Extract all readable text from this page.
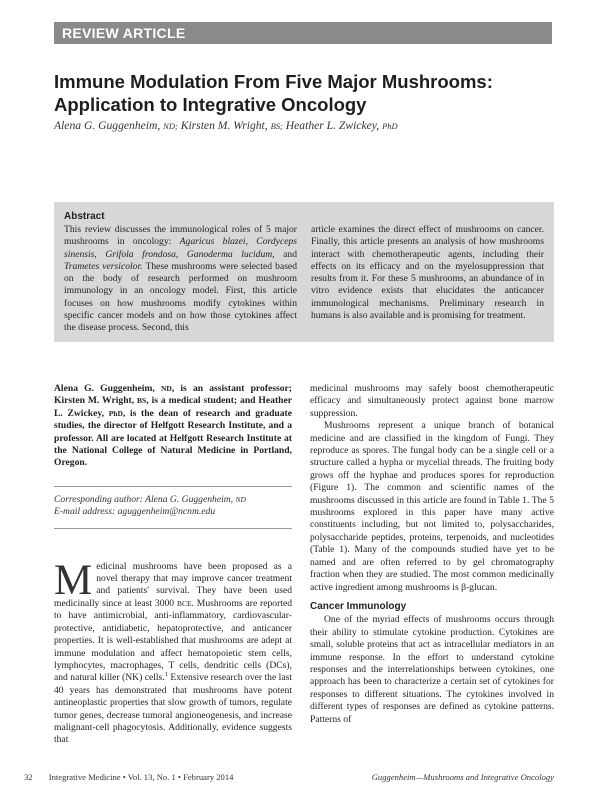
REVIEW ARTICLE
Immune Modulation From Five Major Mushrooms:
Application to Integrative Oncology
Alena G. Guggenheim, ND; Kirsten M. Wright, BS; Heather L. Zwickey, PhD
Abstract

This review discusses the immunological roles of 5 major mushrooms in oncology: Agaricus blazei, Cordyceps sinensis, Grifola frondosa, Ganoderma lucidum, and Trametes versicolor. These mushrooms were selected based on the body of research performed on mushroom immunology in an oncology model. First, this article focuses on how mushrooms modify cytokines within specific cancer models and on how those cytokines affect the disease process. Second, this

article examines the direct effect of mushrooms on cancer. Finally, this article presents an analysis of how mushrooms interact with chemotherapeutic agents, including their effects on its efficacy and on the myelosuppression that results from it. For these 5 mushrooms, an abundance of in vitro evidence exists that elucidates the anticancer immunological mechanisms. Preliminary research in humans is also available and is promising for treatment.

Alena G. Guggenheim, ND, is an assistant professor; Kirsten M. Wright, BS, is a medical student; and Heather L. Zwickey, PhD, is the dean of research and graduate studies, the director of Helfgott Research Institute, and a professor. All are located at Helfgott Research Institute at the National College of Natural Medicine in Portland, Oregon.

Corresponding author: Alena G. Guggenheim, ND

E-mail address: aguggenheim@ncnm.edu

Medicinal mushrooms have been proposed as a novel therapy that may improve cancer treatment and patients' survival. They have been used medicinally since at least 3000 BCE. Mushrooms are reported to have antimicrobial, anti-inflammatory, cardiovascular-protective, antidiabetic, hepatoprotective, and anticancer properties. It is well-established that mushrooms are adept at immune modulation and affect hematopoietic stem cells, lymphocytes, macrophages, T cells, dendritic cells (DCs), and natural killer (NK) cells.$^1$ Extensive research over the last 40 years has demonstrated that mushrooms have potent antineoplastic properties that slow growth of tumors, regulate tumor genes, decrease tumoral angioneogenesis, and increase malignant-cell phagocytosis. Additionally, evidence suggests that

medicinal mushrooms may safely boost chemotherapeutic efficacy and simultaneously protect against bone marrow suppression.

Mushrooms represent a unique branch of botanical medicine and are classified in the kingdom of Fungi. They reproduce as spores. The fungal body can be a single cell or a structure called a hypha or mycelial threads. The fruiting body grows off the hyphae and produces spores for reproduction (Figure 1). The common and scientific names of the mushrooms discussed in this article are found in Table 1. The 5 mushrooms explored in this paper have many active constituents including, but not limited to, polysaccharides, polysaccharide peptides, proteins, terpenoids, and nucleotides (Table 1). Many of the compounds studied have yet to be named and are often referred to by gel chromatography fraction when they are studied. The most common medicinally active ingredient among mushrooms is β-glucan.

Cancer Immunology

One of the myriad effects of mushrooms occurs through their ability to stimulate cytokine production. Cytokines are small, soluble proteins that act as intracellular mediators in an immune response. In the effort to understand cytokine responses and the interrelationships between cytokines, one approach has been to characterize a certain set of cytokines for responses to different situations. The cytokines involved in different types of responses are defined as cytokine patterns. Patterns of

32 Integrative Medicine • Vol. 13, No. 1 • February 2014	Guggenheim—Mushrooms and Integrative Oncology
